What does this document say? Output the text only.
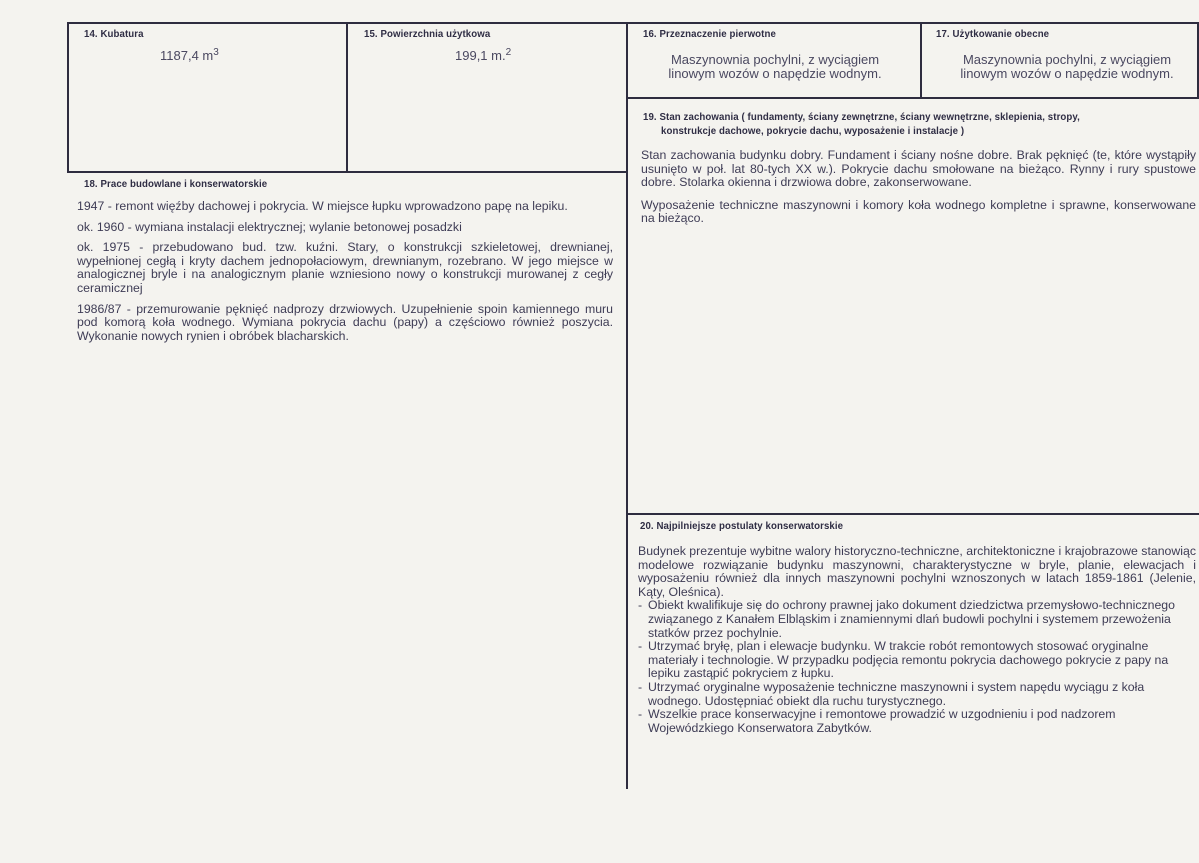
14. Kubatura
1187,4 $m^3$
15. Powierzchnia użytkowa
199,1 m.$^2$
16. Przeznaczenie pierwotne
Maszynownia pochylni, z wyciągiem linowym wozów o napędzie wodnym.
17. Użytkowanie obecne
Maszynownia pochylni, z wyciągiem linowym wozów o napędzie wodnym.
18. Prace budowlane i konserwatorskie

1947 - remont więźby dachowej i pokrycia. W miejsce łupku wprowadzono papę na lepiku.

ok. 1960 - wymiana instalacji elektrycznej; wylanie betonowej posadzki

ok. 1975 - przebudowano bud. tzw. kuźni. Stary, o konstrukcji szkieletowej, drewnianej, wypełnionej cegłą i kryty dachem jednopołaciowym, drewnianym, rozebrano. W jego miejsce w analogicznej bryle i na analogicznym planie wzniesiono nowy o konstrukcji murowanej z cegły ceramicznej

1986/87 - przemurowanie pęknięć nadprozy drzwiowych. Uzupełnienie spoin kamiennego muru pod komorą koła wodnego. Wymiana pokrycia dachu (papy) a częściowo również poszycia. Wykonanie nowych rynien i obróbek blacharskich.

19. Stan zachowania ( fundamenty, ściany zewnętrzne, ściany wewnętrzne, sklepienia, stropy,
konstrukcje dachowe, pokrycie dachu, wyposażenie i instalacje )

Stan zachowania budynku dobry. Fundament i ściany nośne dobre. Brak pęknięć (te, które wystąpiły usunięto w poł. lat 80-tych XX w.). Pokrycie dachu smołowane na bieżąco. Rynny i rury spustowe dobre. Stolarka okienna i drzwiowa dobre, zakonserwowane.

Wyposażenie techniczne maszynowni i komory koła wodnego kompletne i sprawne, konserwowane na bieżąco.

20. Najpilniejsze postulaty konserwatorskie

Budynek prezentuje wybitne walory historyczno-techniczne, architektoniczne i krajobrazowe stanowiąc modelowe rozwiązanie budynku maszynowni, charakterystyczne w bryle, planie, elewacjach i wyposażeniu również dla innych maszynowni pochylni wznoszonych w latach 1859-1861 (Jelenie, Kąty, Oleśnica).

- Obiekt kwalifikuje się do ochrony prawnej jako dokument dziedzictwa przemysłowo-technicznego związanego z Kanałem Elbląskim i znamiennymi dlań budowli pochylni i systemem przewożenia statków przez pochylnie.
- Utrzymać bryłę, plan i elewacje budynku. W trakcie robót remontowych stosować oryginalne materiały i technologie. W przypadku podjęcia remontu pokrycia dachowego pokrycie z papy na lepiku zastąpić pokryciem z łupku.
- Utrzymać oryginalne wyposażenie techniczne maszynowni i system napędu wyciągu z koła wodnego. Udostępniać obiekt dla ruchu turystycznego.
- Wszelkie prace konserwacyjne i remontowe prowadzić w uzgodnieniu i pod nadzorem Wojewódzkiego Konserwatora Zabytków.
